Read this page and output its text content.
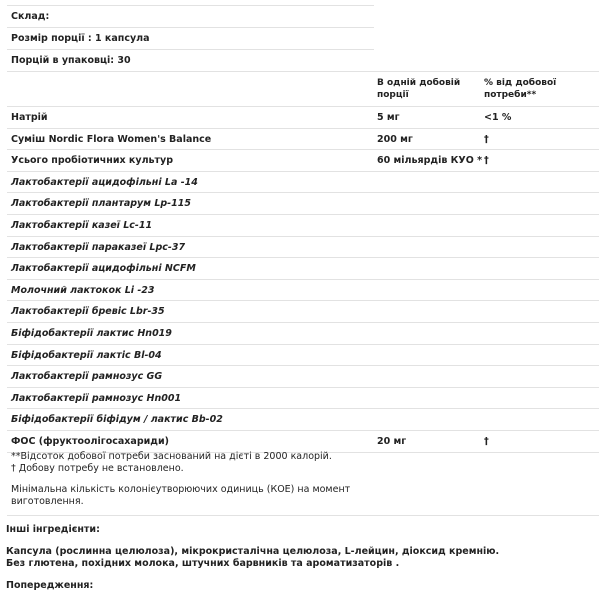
Склад:
Розмір порції : 1 капсула
Порцій в упаковці: 30
В одній добовій порції
% від добової потреби**
Натрій	5 мг	<1 %
Суміш Nordic Flora Women's Balance	200 мг	†
Усього пробіотичних культур	60 мільярдів КУО * †
Лактобактерії ацидофільні La -14
Лактобактерії плантарум Lp-115
Лактобактерії казеї Lc-11
Лактобактерії параказеї Lpc-37
Лактобактерії ацидофільні NCFM
Молочний лактокок Li -23
Лактобактерії бревіс Lbr-35
Біфідобактерії лактис Hn019
Біфідобактерії лактіс Bl-04
Лактобактерії рамнозус GG
Лактобактерії рамнозус Hn001
Біфідобактерії біфідум / лактис Bb-02
ФОС (фруктоолігосахариди)	20 мг	†
**Відсоток добової потреби заснований на дієті в 2000 калорій.
† Добову потребу не встановлено.
Мінімальна кількість колонієутворюючих одиниць (КОЕ) на момент
виготовлення.
Інші інгредієнти:
Капсула (рослинна целюлоза), мікрокристалічна целюлоза, L-лейцин, діоксид кремнію.
Без глютена, похідних молока, штучних барвників та ароматизаторів .
Попередження:
